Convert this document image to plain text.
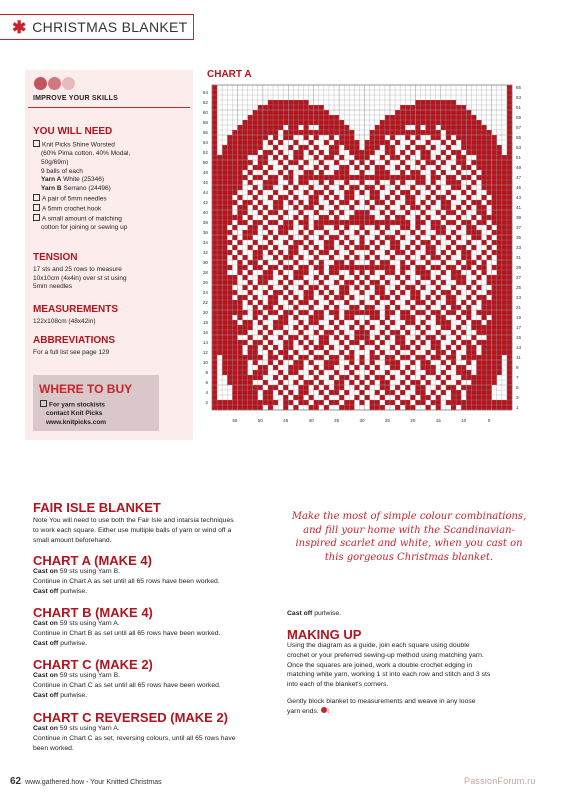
✱ CHRISTMAS BLANKET
IMPROVE YOUR SKILLS
YOU WILL NEED
Knit Picks Shine Worsted
(60% Pima cotton, 40% Modal,
50g/69m)
9 balls of each
Yarn A White (25346)
Yarn B Serrano (24496)
A pair of 5mm needles
A 5mm crochet hook
A small amount of matching
cotton for joining or sewing up
TENSION
17 sts and 25 rows to measure
10x10cm (4x4in) over st st using
5mm needles
MEASUREMENTS
122x108cm (48x42in)
ABBREVIATIONS
For a full list see page 129
WHERE TO BUY
For yarn stockists
contact Knit Picks
www.knitpicks.com
CHART A
64
62
60
58
56
54
52
50
48
46
44
42
40
38
36
34
32
30
28
26
24
22
20
18
16
14
12
10
8
6
4
2
65
63
61
59
57
55
53
51
49
47
45
43
41
39
37
35
33
31
29
27
25
23
21
19
17
15
13
11
9
7
5
3
1
55	50	45	40	35	30	25	20	15	10	5
FAIR ISLE BLANKET
Note You will need to use both the Fair Isle and intarsia techniques
to work each square. Either use multiple balls of yarn or wind off a
small amount beforehand.
CHART A (MAKE 4)
Cast on 59 sts using Yarn B.
Continue in Chart A as set until all 65 rows have been worked.
Cast off purlwise.
CHART B (MAKE 4)
Cast on 59 sts using Yarn A.
Continue in Chart B as set until all 65 rows have been worked.
Cast off purlwise.
CHART C (MAKE 2)
Cast on 59 sts using Yarn B.
Continue in Chart C as set until all 65 rows have been worked.
Cast off purlwise.
CHART C REVERSED (MAKE 2)
Cast on 59 sts using Yarn A.
Continue in Chart C as set, reversing colours, until all 65 rows have
been worked.
Make the most of simple colour combinations,
and fill your home with the Scandinavian-
inspired scarlet and white, when you cast on
this gorgeous Christmas blanket.
Cast off purlwise.
MAKING UP
Using the diagram as a guide, join each square using double
crochet or your preferred sewing-up method using matching yarn.
Once the squares are joined, work a double crochet edging in
matching white yarn, working 1 st into each row and stitch and 3 sts
into each of the blanket's corners.
Gently block blanket to measurements and weave in any loose
yarn ends. ⌇
62 www.gathered.how - Your Knitted Christmas	PassionForum.ru
